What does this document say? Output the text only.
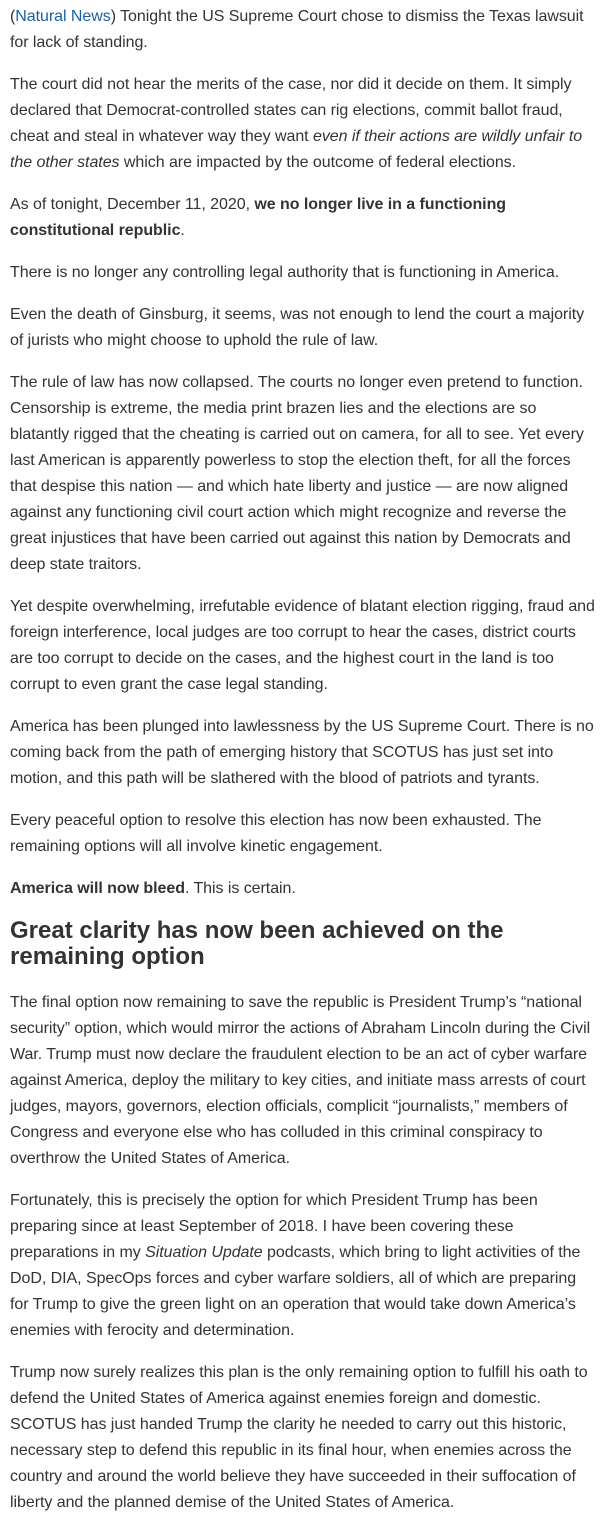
(Natural News) Tonight the US Supreme Court chose to dismiss the Texas lawsuit for lack of standing.

The court did not hear the merits of the case, nor did it decide on them. It simply declared that Democrat-controlled states can rig elections, commit ballot fraud, cheat and steal in whatever way they want even if their actions are wildly unfair to the other states which are impacted by the outcome of federal elections.

As of tonight, December 11, 2020, we no longer live in a functioning constitutional republic.

There is no longer any controlling legal authority that is functioning in America.

Even the death of Ginsburg, it seems, was not enough to lend the court a majority of jurists who might choose to uphold the rule of law.

The rule of law has now collapsed. The courts no longer even pretend to function. Censorship is extreme, the media print brazen lies and the elections are so blatantly rigged that the cheating is carried out on camera, for all to see. Yet every last American is apparently powerless to stop the election theft, for all the forces that despise this nation — and which hate liberty and justice — are now aligned against any functioning civil court action which might recognize and reverse the great injustices that have been carried out against this nation by Democrats and deep state traitors.

Yet despite overwhelming, irrefutable evidence of blatant election rigging, fraud and foreign interference, local judges are too corrupt to hear the cases, district courts are too corrupt to decide on the cases, and the highest court in the land is too corrupt to even grant the case legal standing.

America has been plunged into lawlessness by the US Supreme Court. There is no coming back from the path of emerging history that SCOTUS has just set into motion, and this path will be slathered with the blood of patriots and tyrants.

Every peaceful option to resolve this election has now been exhausted. The remaining options will all involve kinetic engagement.

America will now bleed. This is certain.

Great clarity has now been achieved on the remaining option

The final option now remaining to save the republic is President Trump’s “national security” option, which would mirror the actions of Abraham Lincoln during the Civil War. Trump must now declare the fraudulent election to be an act of cyber warfare against America, deploy the military to key cities, and initiate mass arrests of court judges, mayors, governors, election officials, complicit “journalists,” members of Congress and everyone else who has colluded in this criminal conspiracy to overthrow the United States of America.

Fortunately, this is precisely the option for which President Trump has been preparing since at least September of 2018. I have been covering these preparations in my Situation Update podcasts, which bring to light activities of the DoD, DIA, SpecOps forces and cyber warfare soldiers, all of which are preparing for Trump to give the green light on an operation that would take down America’s enemies with ferocity and determination.

Trump now surely realizes this plan is the only remaining option to fulfill his oath to defend the United States of America against enemies foreign and domestic. SCOTUS has just handed Trump the clarity he needed to carry out this historic, necessary step to defend this republic in its final hour, when enemies across the country and around the world believe they have succeeded in their suffocation of liberty and the planned demise of the United States of America.
